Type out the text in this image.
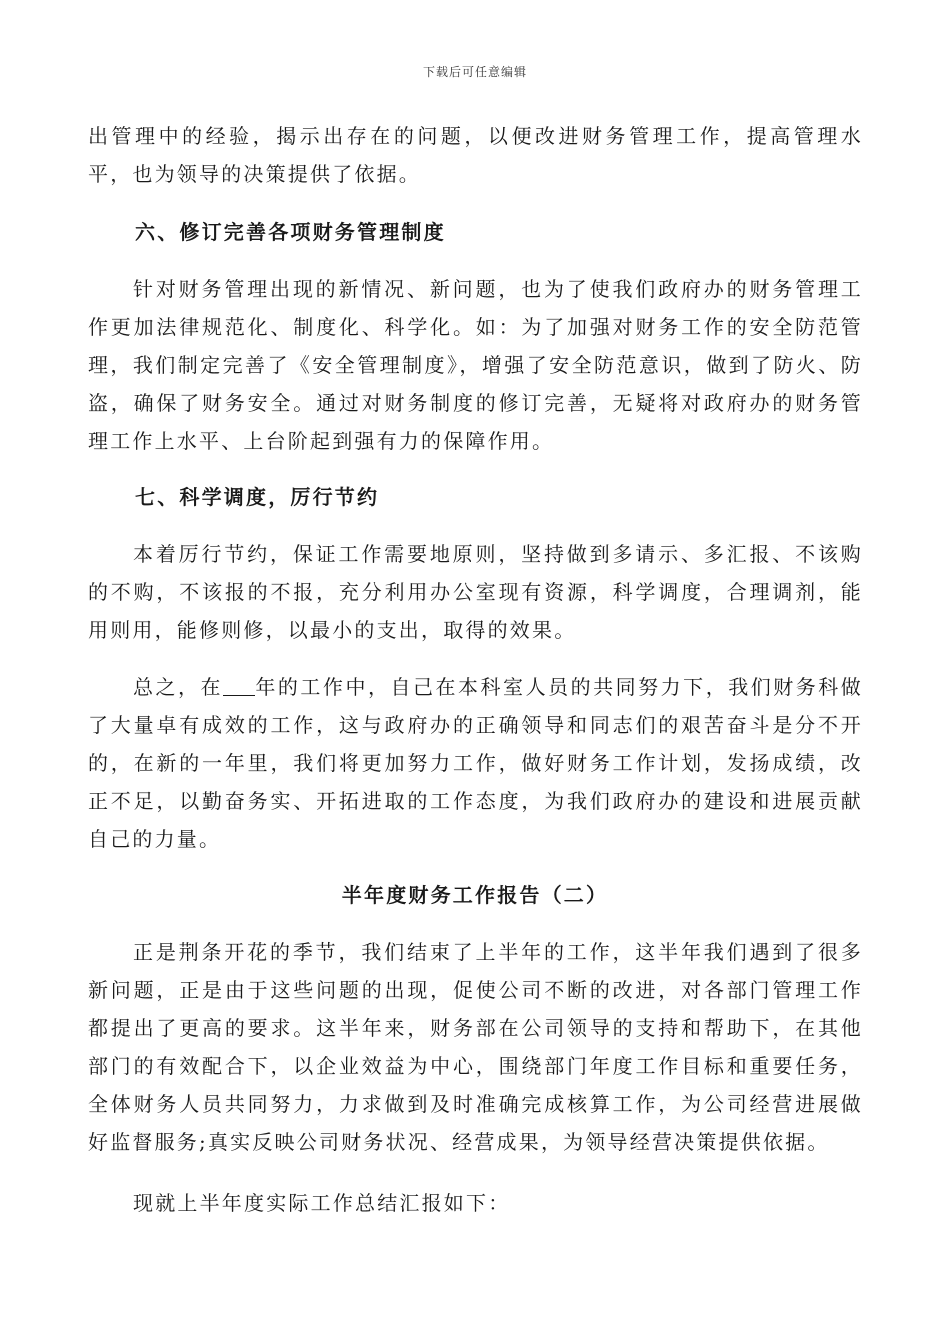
下载后可任意编辑

出管理中的经验，揭示出存在的问题，以便改进财务管理工作，提高管理水平，也为领导的决策提供了依据。

六、修订完善各项财务管理制度

针对财务管理出现的新情况、新问题，也为了使我们政府办的财务管理工作更加法律规范化、制度化、科学化。如：为了加强对财务工作的安全防范管理，我们制定完善了《安全管理制度》，增强了安全防范意识，做到了防火、防盗，确保了财务安全。通过对财务制度的修订完善，无疑将对政府办的财务管理工作上水平、上台阶起到强有力的保障作用。

七、科学调度，厉行节约

本着厉行节约，保证工作需要地原则，坚持做到多请示、多汇报、不该购的不购，不该报的不报，充分利用办公室现有资源，科学调度，合理调剂，能用则用，能修则修，以最小的支出，取得的效果。

总之，在 年的工作中，自己在本科室人员的共同努力下，我们财务科做了大量卓有成效的工作，这与政府办的正确领导和同志们的艰苦奋斗是分不开的，在新的一年里，我们将更加努力工作，做好财务工作计划，发扬成绩，改正不足，以勤奋务实、开拓进取的工作态度，为我们政府办的建设和进展贡献自己的力量。

半年度财务工作报告（二）

正是荆条开花的季节，我们结束了上半年的工作，这半年我们遇到了很多新问题，正是由于这些问题的出现，促使公司不断的改进，对各部门管理工作都提出了更高的要求。这半年来，财务部在公司领导的支持和帮助下，在其他部门的有效配合下，以企业效益为中心，围绕部门年度工作目标和重要任务，全体财务人员共同努力，力求做到及时准确完成核算工作，为公司经营进展做好监督服务;真实反映公司财务状况、经营成果，为领导经营决策提供依据。

现就上半年度实际工作总结汇报如下：
